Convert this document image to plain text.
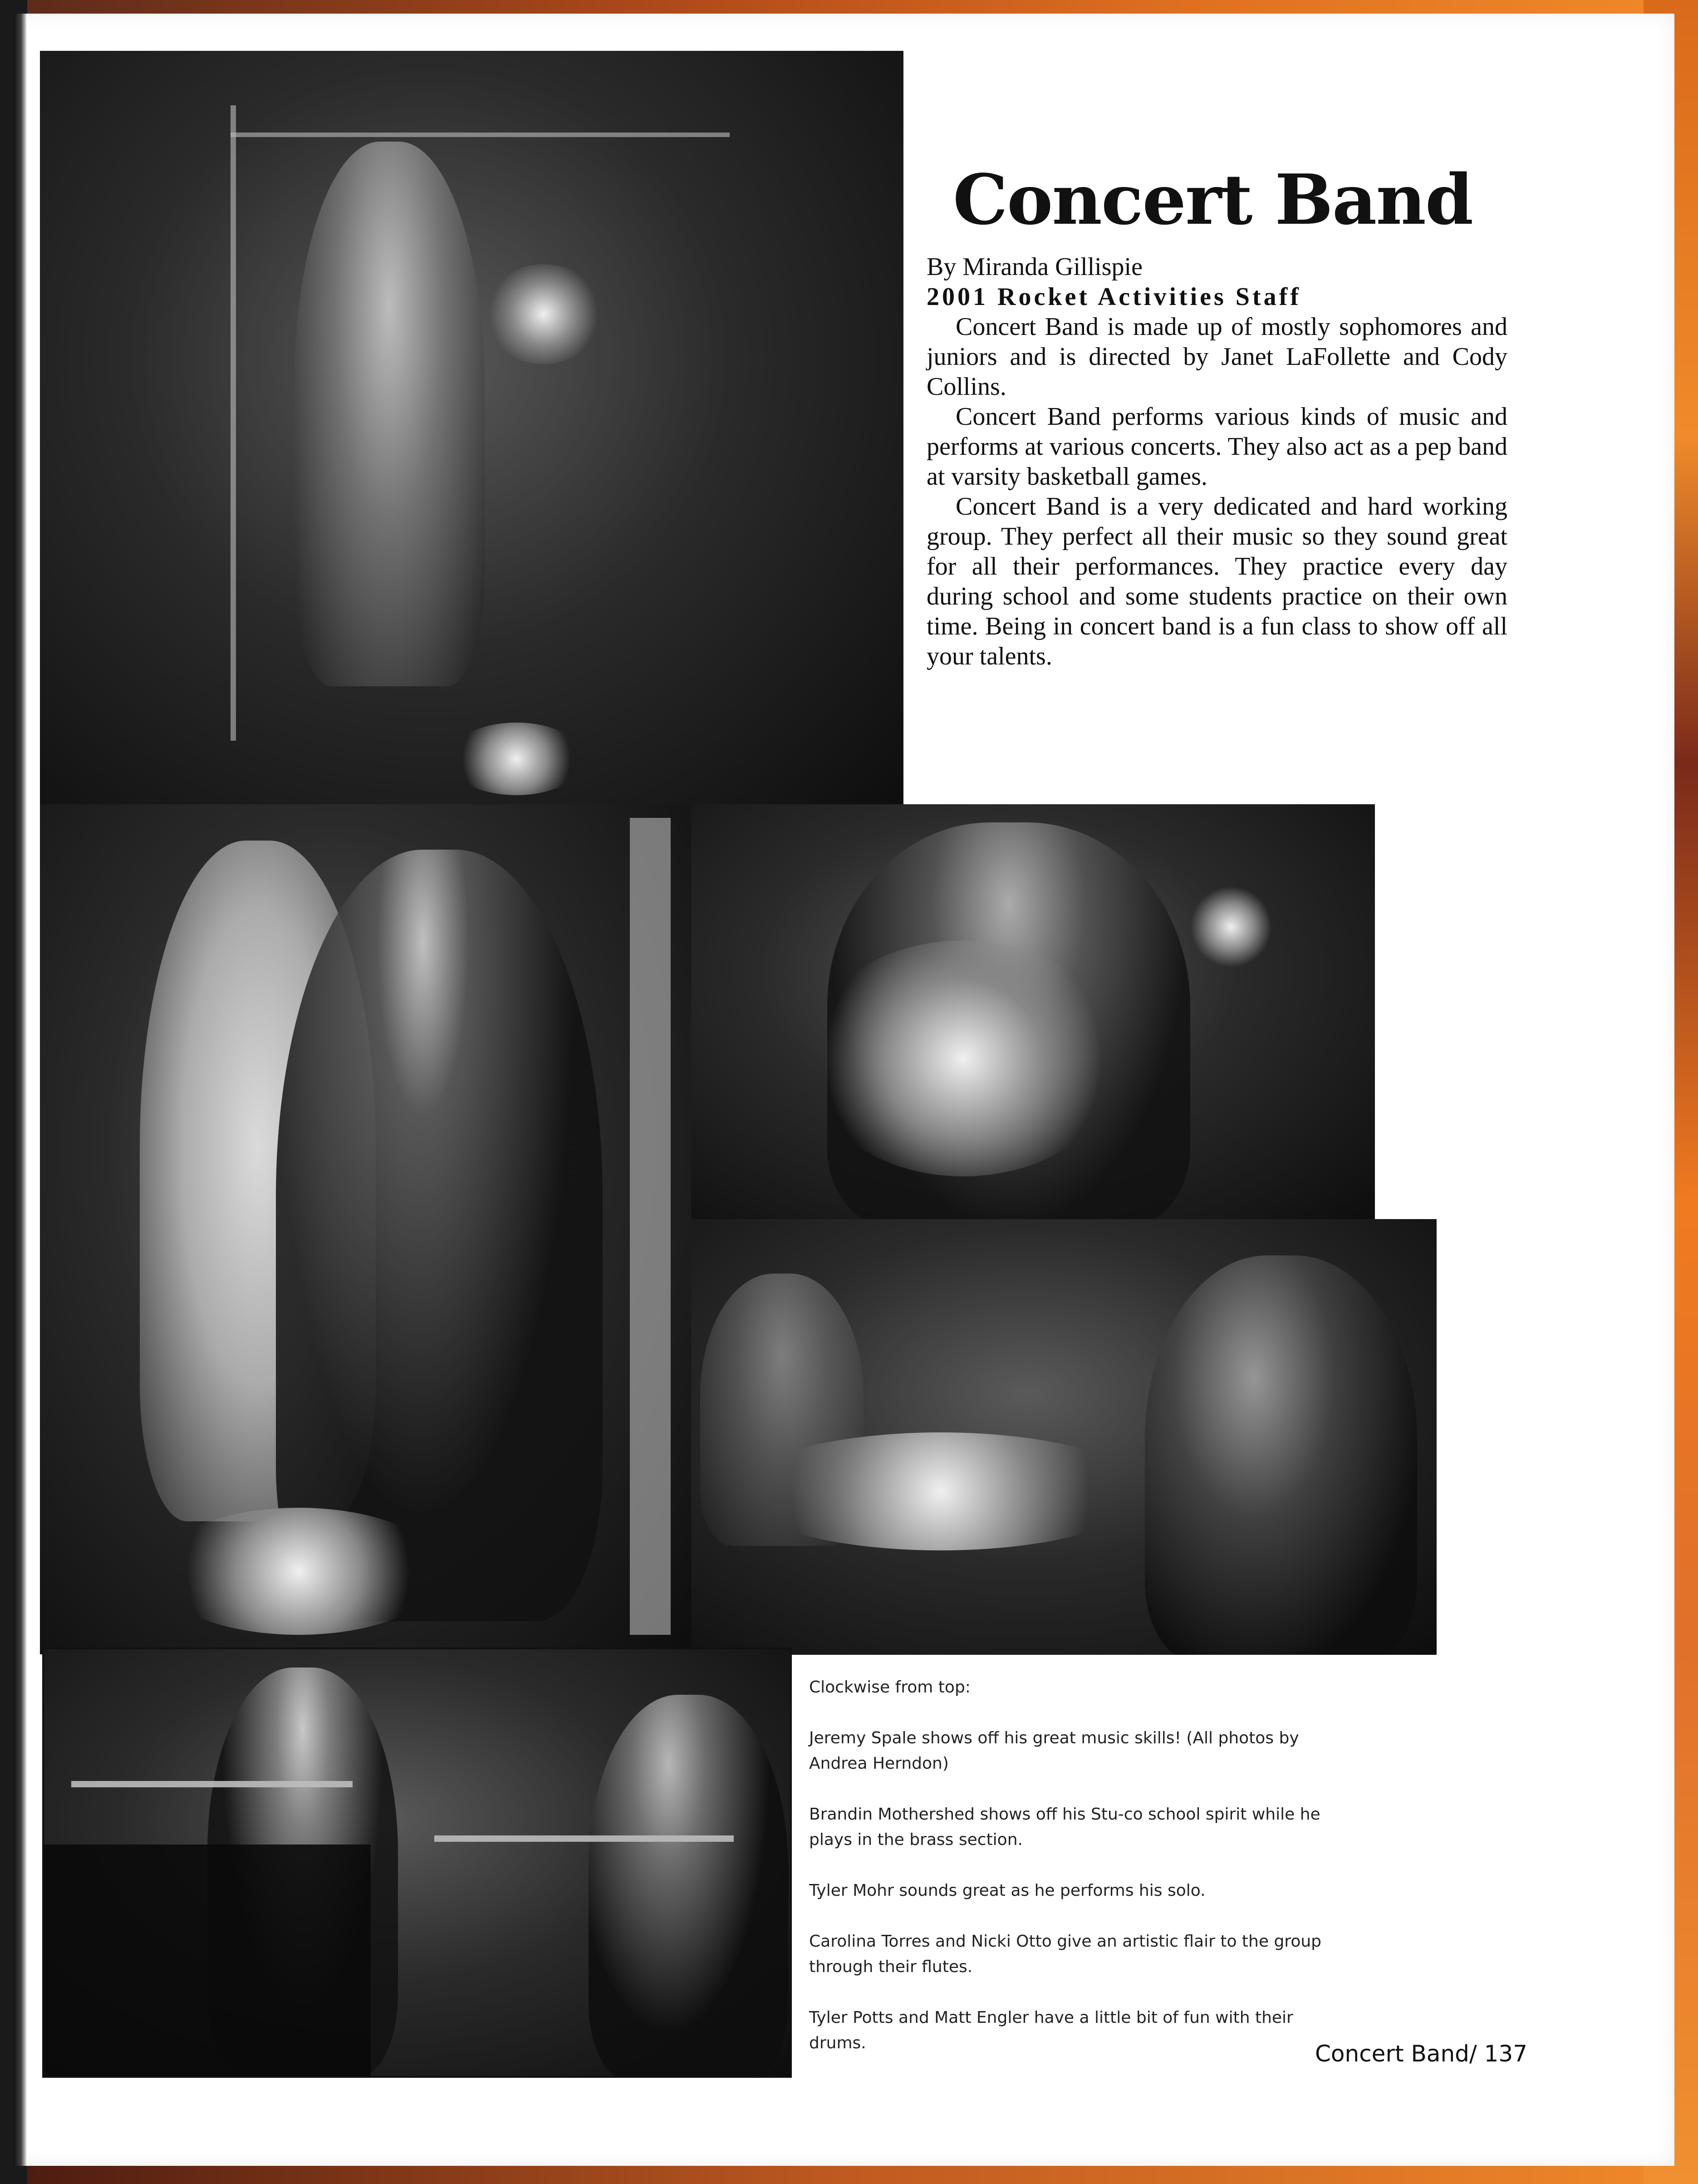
Concert Band

By Miranda Gillispie

2001 Rocket Activities Staff

Concert Band is made up of mostly sophomores and juniors and is directed by Janet LaFollette and Cody Collins.

Concert Band performs various kinds of music and performs at various concerts. They also act as a pep band at varsity basketball games.

Concert Band is a very dedicated and hard working group. They perfect all their music so they sound great for all their performances. They practice every day during school and some students practice on their own time. Being in concert band is a fun class to show off all your talents.

Clockwise from top:

Jeremy Spale shows off his great music skills! (All photos by Andrea Herndon)

Brandin Mothershed shows off his Stu-co school spirit while he plays in the brass section.

Tyler Mohr sounds great as he performs his solo.

Carolina Torres and Nicki Otto give an artistic flair to the group through their flutes.

Tyler Potts and Matt Engler have a little bit of fun with their drums.	Concert Band/ 137
